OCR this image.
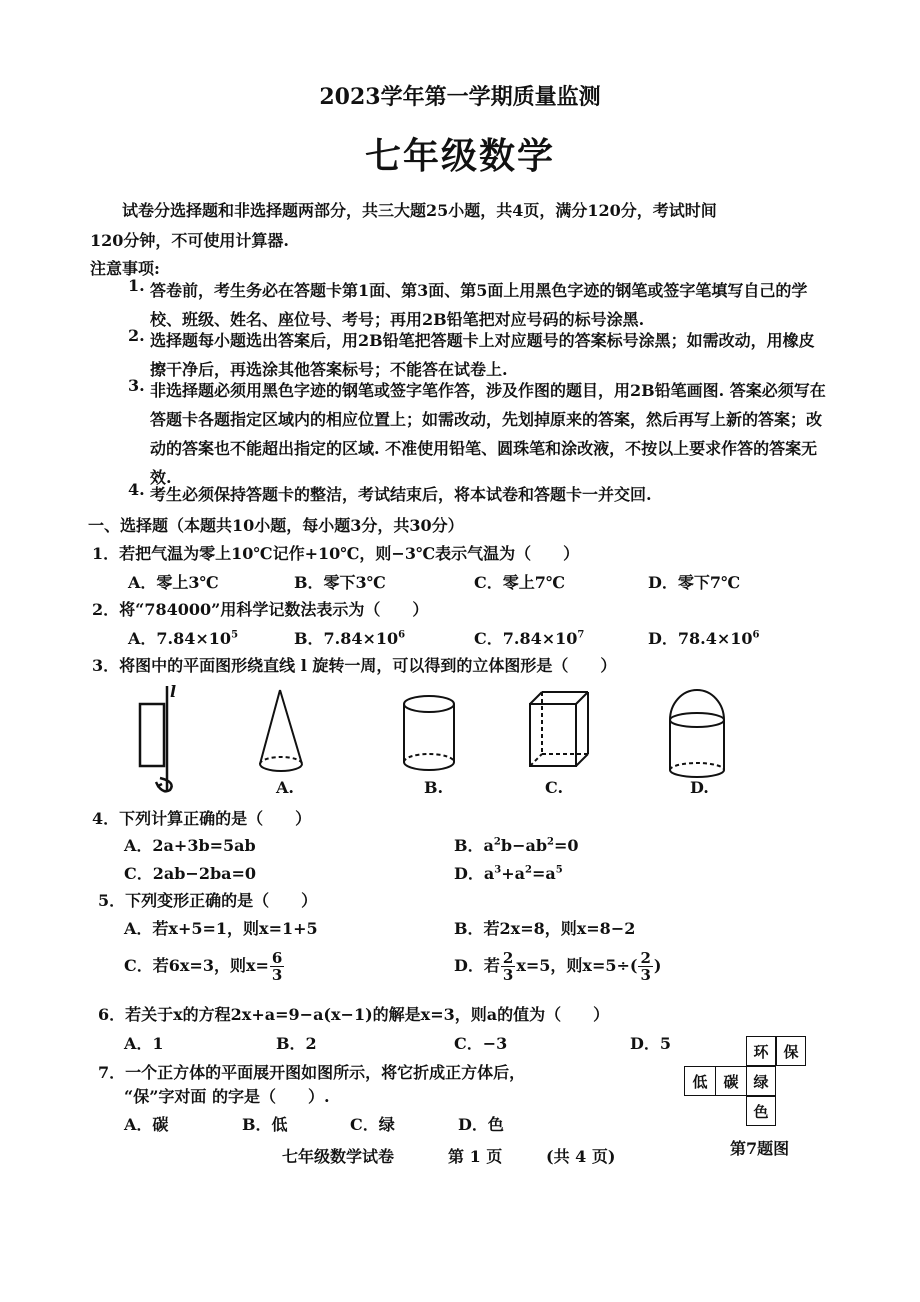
2023学年第一学期质量监测
七年级数学
试卷分选择题和非选择题两部分，共三大题25小题，共4页，满分120分，考试时间
120分钟，不可使用计算器.
注意事项:
1. 答卷前，考生务必在答题卡第1面、第3面、第5面上用黑色字迹的钢笔或签字笔填写自己的学校、班级、姓名、座位号、考号；再用2B铅笔把对应号码的标号涂黑.
2. 选择题每小题选出答案后，用2B铅笔把答题卡上对应题号的答案标号涂黑；如需改动，用橡皮擦干净后，再选涂其他答案标号；不能答在试卷上.
3. 非选择题必须用黑色字迹的钢笔或签字笔作答，涉及作图的题目，用2B铅笔画图. 答案必须写在答题卡各题指定区域内的相应位置上；如需改动，先划掉原来的答案，然后再写上新的答案；改动的答案也不能超出指定的区域. 不准使用铅笔、圆珠笔和涂改液，不按以上要求作答的答案无效.
4. 考生必须保持答题卡的整洁，考试结束后，将本试卷和答题卡一并交回.
一、选择题（本题共10小题，每小题3分，共30分）
1．若把气温为零上10℃记作+10℃，则−3℃表示气温为（　　）
A．零上3℃	B．零下3℃	C．零上7℃	D．零下7℃
2．将“784000”用科学记数法表示为（　　）
A．$7.84\times 10^5$	B．$7.84\times 10^6$	C．$7.84\times 10^7$	D．$78.4\times 10^6$
3．将图中的平面图形绕直线 l 旋转一周，可以得到的立体图形是（　　）
l
A.	B.	C.	D.
4．下列计算正确的是（　　）
A．2a+3b=5ab	B．$a^2b-ab^2=0$
C．2ab−2ba=0	D．$a^3+a^2=a^5$
5．下列变形正确的是（　　）
A．若x+5=1，则x=1+5	B．若2x=8，则x=8−2
C．若6x=3，则$x= \frac{6}{3}$	D．若 $\frac{2}{3} x=5$，则$x=5\div( \frac{2}{3}$ )
6．若关于x的方程2x+a=9−a(x−1)的解是x=3，则a的值为（　　）
A．1	B．2	C．−3	D．5
7．一个正方体的平面展开图如图所示，将它折成正方体后，
“保”字对面 的字是（　　）.
A．碳	B．低	C．绿	D．色
环 保
低	碳 绿
色
第7题图
七年级数学试卷	第 1 页	(共 4 页)
